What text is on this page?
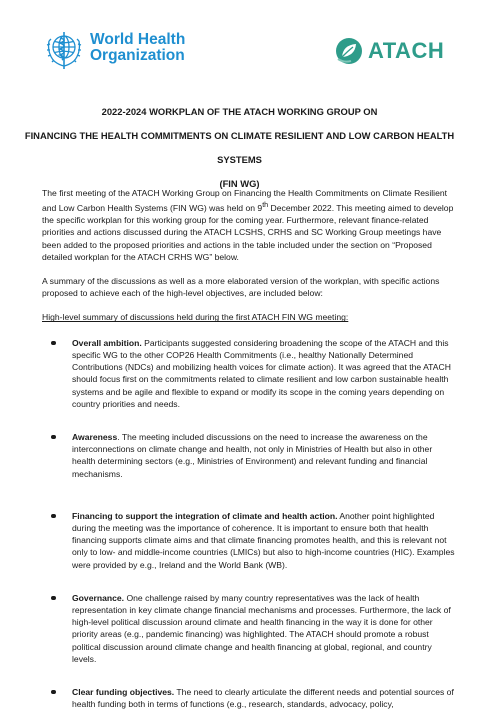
World Health
Organization	ATACH

2022-2024 WORKPLAN OF THE ATACH WORKING GROUP ON

FINANCING THE HEALTH COMMITMENTS ON CLIMATE RESILIENT AND LOW CARBON HEALTH

SYSTEMS

(FIN WG)

The first meeting of the ATACH Working Group on Financing the Health Commitments on Climate Resilient and Low Carbon Health Systems (FIN WG) was held on 9th December 2022. This meeting aimed to develop the specific workplan for this working group for the coming year. Furthermore, relevant finance-related priorities and actions discussed during the ATACH LCSHS, CRHS and SC Working Group meetings have been added to the proposed priorities and actions in the table included under the section on “Proposed detailed workplan for the ATACH CRHS WG” below.

A summary of the discussions as well as a more elaborated version of the workplan, with specific actions proposed to achieve each of the high-level objectives, are included below:

High-level summary of discussions held during the first ATACH FIN WG meeting:

Overall ambition. Participants suggested considering broadening the scope of the ATACH and this specific WG to the other COP26 Health Commitments (i.e., healthy Nationally Determined Contributions (NDCs) and mobilizing health voices for climate action). It was agreed that the ATACH should focus first on the commitments related to climate resilient and low carbon sustainable health systems and be agile and flexible to expand or modify its scope in the coming years depending on country priorities and needs.
Awareness. The meeting included discussions on the need to increase the awareness on the interconnections on climate change and health, not only in Ministries of Health but also in other health determining sectors (e.g., Ministries of Environment) and relevant funding and financial mechanisms.
Financing to support the integration of climate and health action. Another point highlighted during the meeting was the importance of coherence. It is important to ensure both that health financing supports climate aims and that climate financing promotes health, and this is relevant not only to low- and middle-income countries (LMICs) but also to high-income countries (HIC). Examples were provided by e.g., Ireland and the World Bank (WB).
Governance. One challenge raised by many country representatives was the lack of health representation in key climate change financial mechanisms and processes. Furthermore, the lack of high-level political discussion around climate and health financing in the way it is done for other priority areas (e.g., pandemic financing) was highlighted. The ATACH should promote a robust political discussion around climate change and health financing at global, regional, and country levels.
Clear funding objectives. The need to clearly articulate the different needs and potential sources of health funding both in terms of functions (e.g., research, standards, advocacy, policy,
